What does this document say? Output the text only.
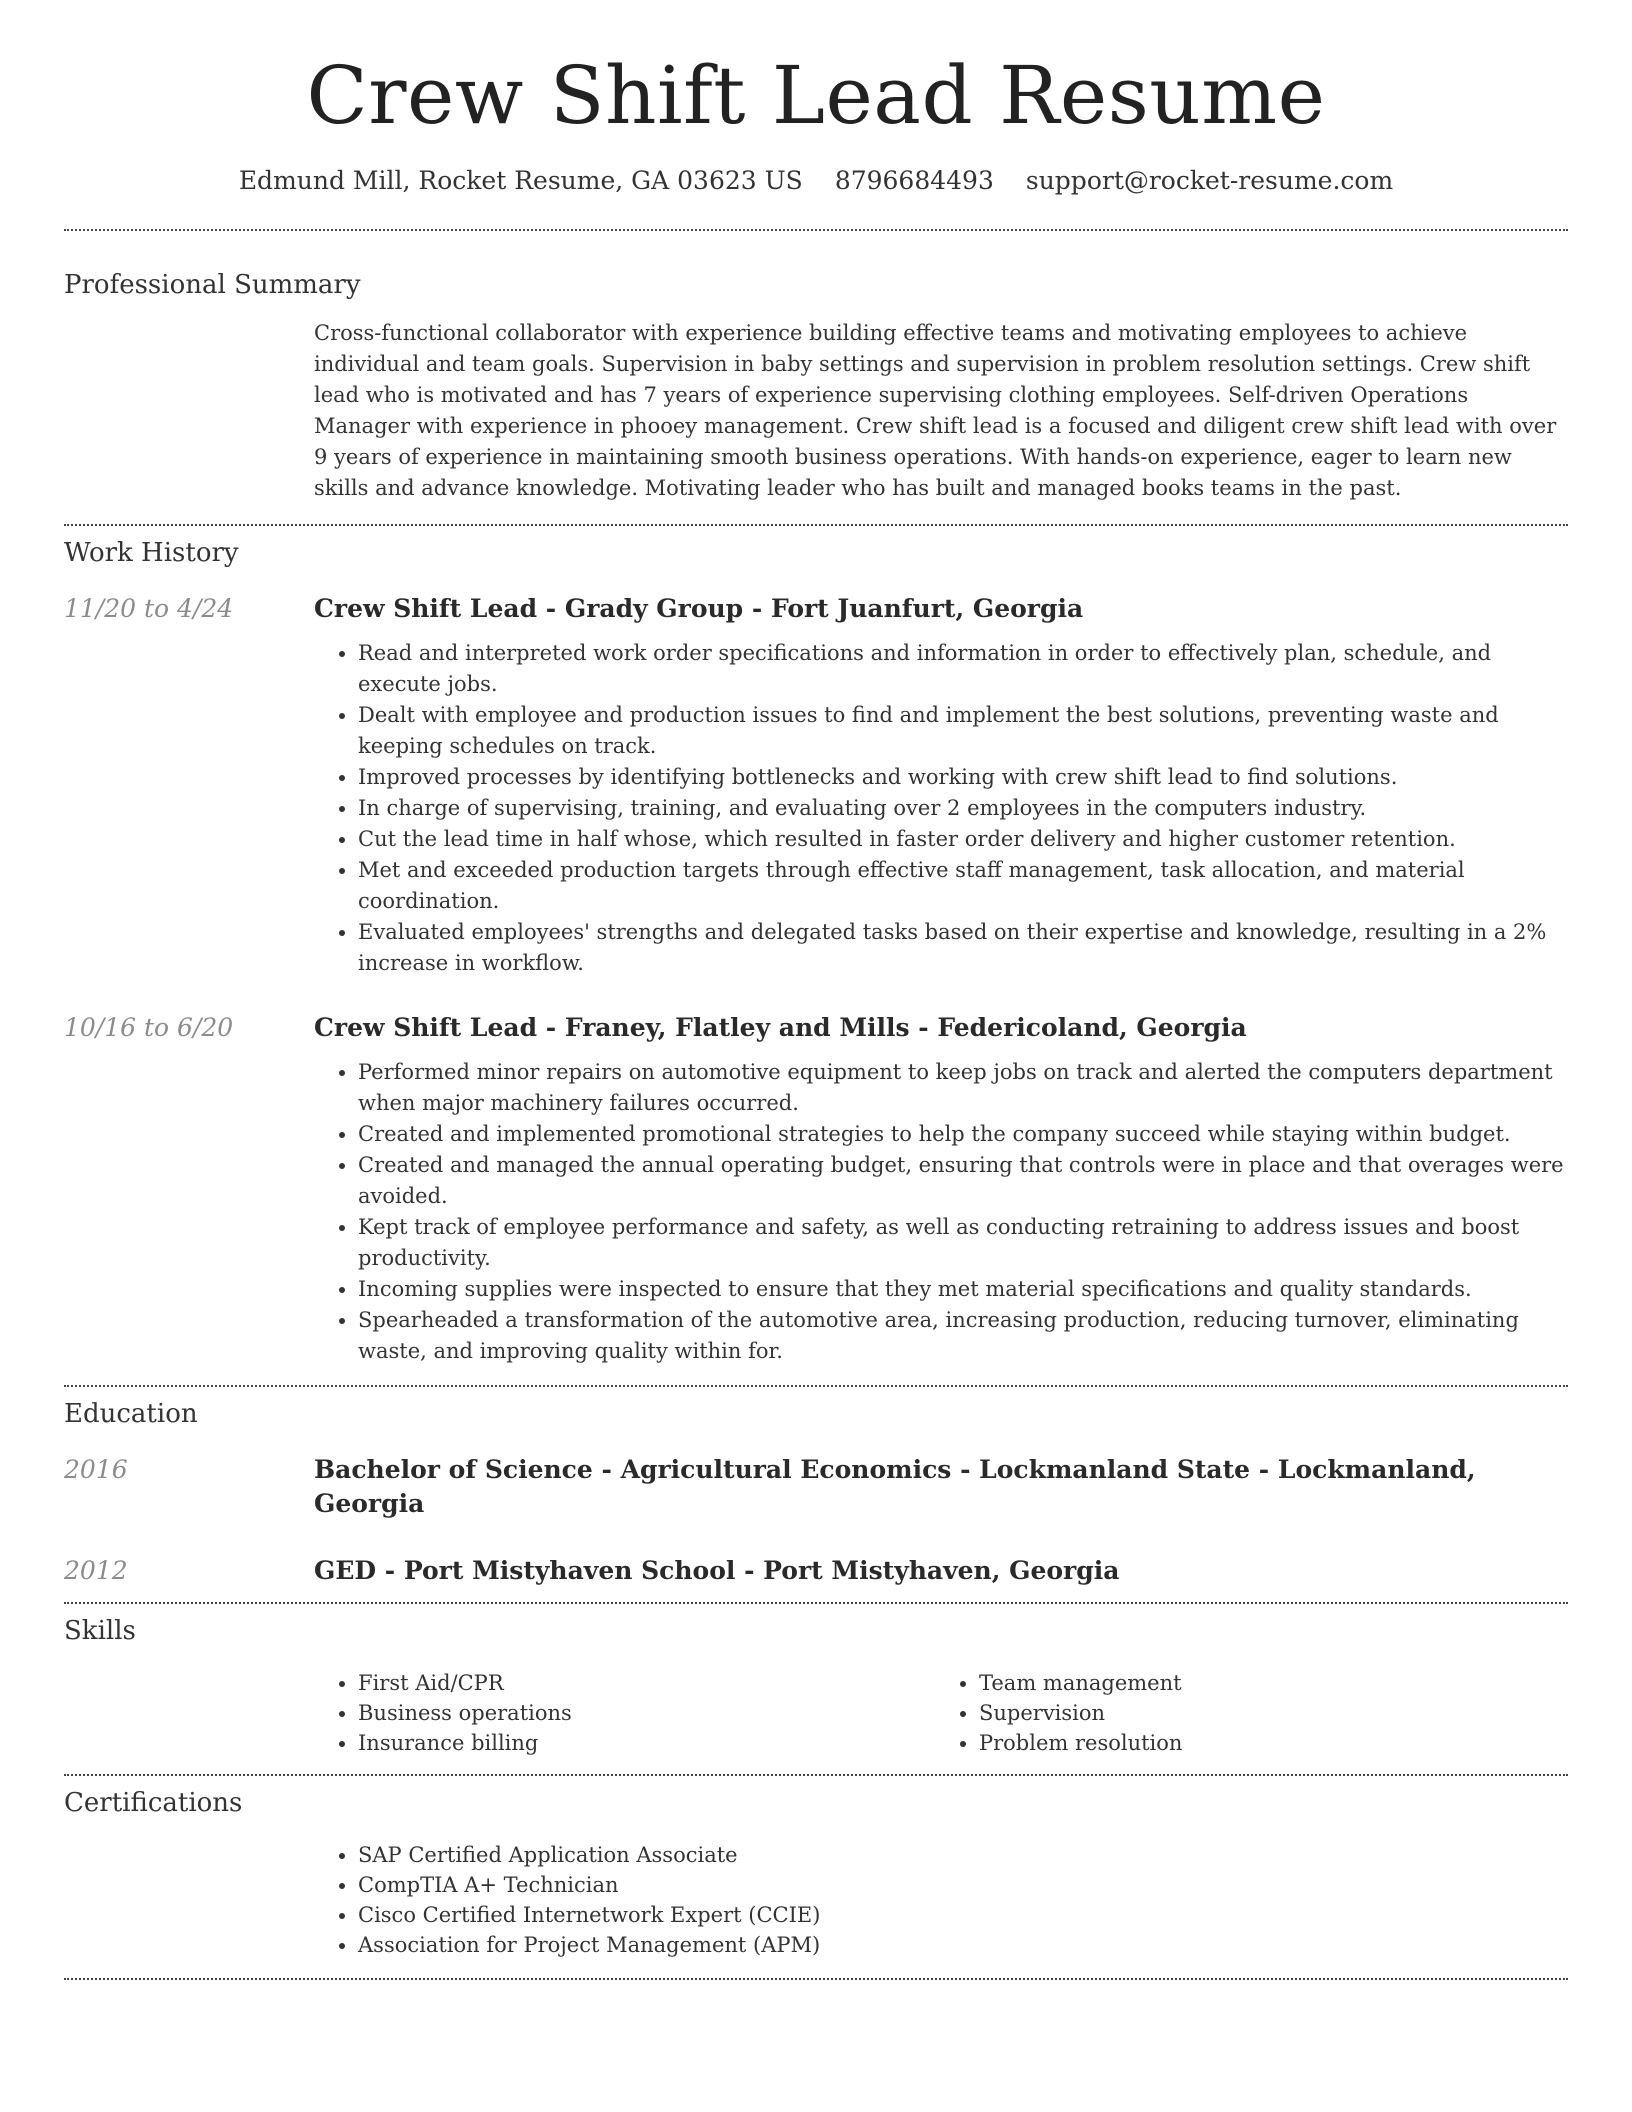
Crew Shift Lead Resume
Edmund Mill, Rocket Resume, GA 03623 US 8796684493 support@rocket-resume.com
Professional Summary

Cross-functional collaborator with experience building effective teams and motivating employees to achieve individual and team goals. Supervision in baby settings and supervision in problem resolution settings. Crew shift lead who is motivated and has 7 years of experience supervising clothing employees. Self-driven Operations Manager with experience in phooey management. Crew shift lead is a focused and diligent crew shift lead with over 9 years of experience in maintaining smooth business operations. With hands-on experience, eager to learn new skills and advance knowledge. Motivating leader who has built and managed books teams in the past.

Work History
11/20 to 4/24	Crew Shift Lead - Grady Group - Fort Juanfurt, Georgia
• Read and interpreted work order specifications and information in order to effectively plan, schedule, and execute jobs.
• Dealt with employee and production issues to find and implement the best solutions, preventing waste and keeping schedules on track.
• Improved processes by identifying bottlenecks and working with crew shift lead to find solutions.
• In charge of supervising, training, and evaluating over 2 employees in the computers industry.
• Cut the lead time in half whose, which resulted in faster order delivery and higher customer retention.
• Met and exceeded production targets through effective staff management, task allocation, and material coordination.
• Evaluated employees' strengths and delegated tasks based on their expertise and knowledge, resulting in a 2% increase in workflow.
10/16 to 6/20	Crew Shift Lead - Franey, Flatley and Mills - Federicoland, Georgia
• Performed minor repairs on automotive equipment to keep jobs on track and alerted the computers department when major machinery failures occurred.
• Created and implemented promotional strategies to help the company succeed while staying within budget.
• Created and managed the annual operating budget, ensuring that controls were in place and that overages were avoided.
• Kept track of employee performance and safety, as well as conducting retraining to address issues and boost productivity.
• Incoming supplies were inspected to ensure that they met material specifications and quality standards.
• Spearheaded a transformation of the automotive area, increasing production, reducing turnover, eliminating waste, and improving quality within for.
Education
2016	Bachelor of Science - Agricultural Economics - Lockmanland State - Lockmanland, Georgia
2012	GED - Port Mistyhaven School - Port Mistyhaven, Georgia
Skills
• First Aid/CPR
• Business operations
• Insurance billing
• Team management
• Supervision
• Problem resolution
Certifications
• SAP Certified Application Associate
• CompTIA A+ Technician
• Cisco Certified Internetwork Expert (CCIE)
• Association for Project Management (APM)
